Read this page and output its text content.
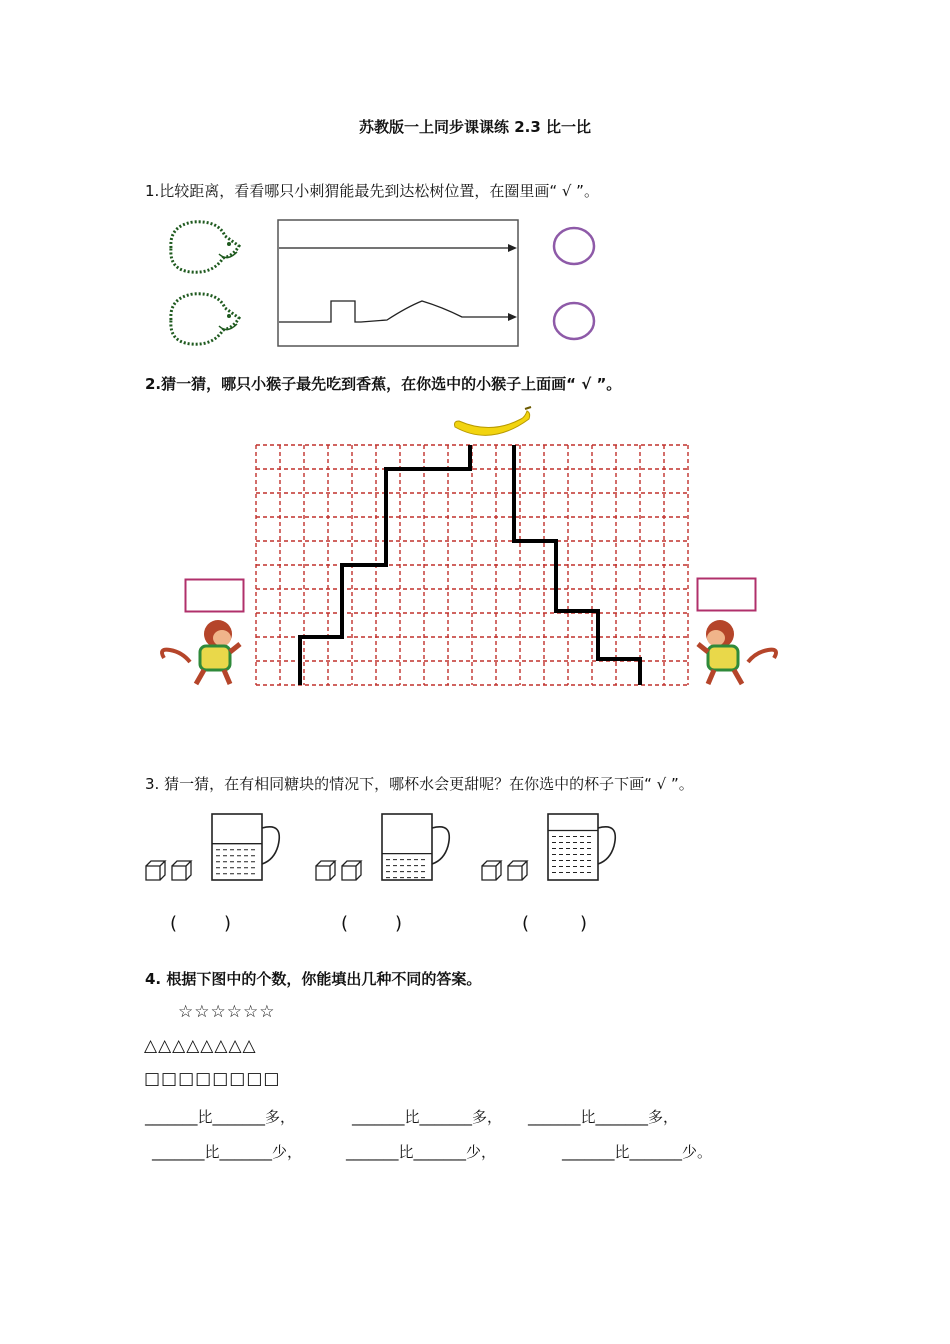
苏教版一上同步课课练 2.3 比一比
1.比较距离，看看哪只小刺猬能最先到达松树位置，在圈里画“ √ ”。
2.猜一猜，哪只小猴子最先吃到香蕉，在你选中的小猴子上面画“ √ ”。
3. 猜一猜，在有相同糖块的情况下，哪杯水会更甜呢？在你选中的杯子下画“ √ ”。
(	)	(	)	(	)
4. 根据下图中的个数，你能填出几种不同的答案。
☆☆☆☆☆☆
△△△△△△△△
□□□□□□□□
_______比_______多，	_______比_______多， _______比_______多，
_______比_______少，	_______比_______少，	_______比_______少。
